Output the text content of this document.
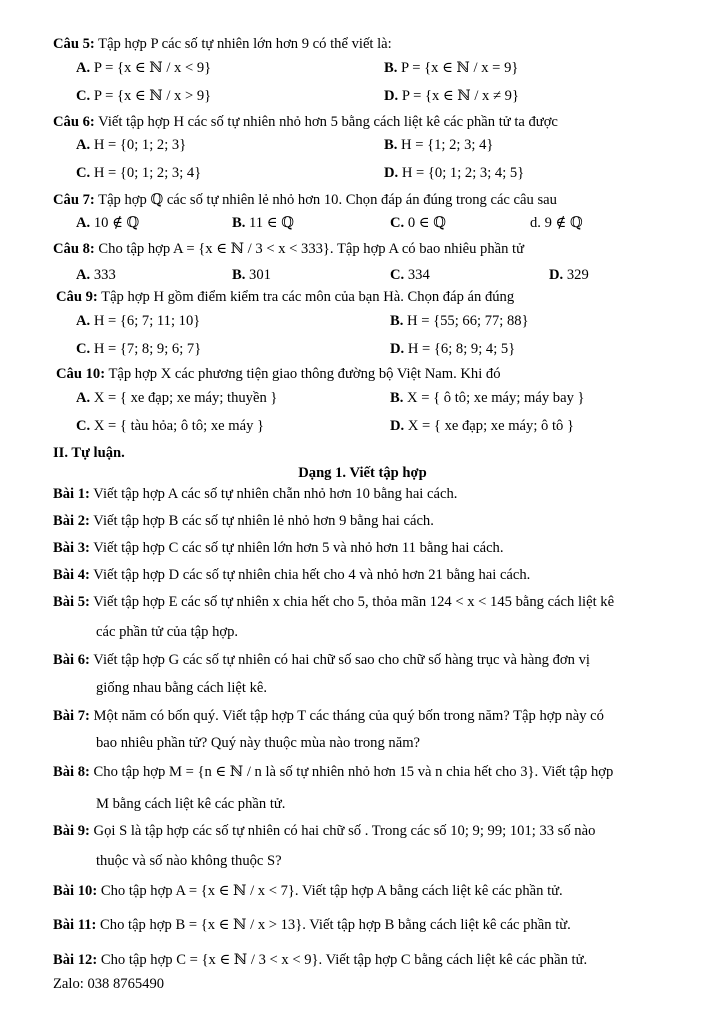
Câu 5: Tập hợp P các số tự nhiên lớn hơn 9 có thể viết là:
A. P = {x ∈ ℕ / x < 9}	B. P = {x ∈ ℕ / x = 9}
C. P = {x ∈ ℕ / x > 9}	D. P = {x ∈ ℕ / x ≠ 9}
Câu 6: Viết tập hợp H các số tự nhiên nhỏ hơn 5 bằng cách liệt kê các phần tử ta được
A. H = {0; 1; 2; 3}	B. H = {1; 2; 3; 4}
C. H = {0; 1; 2; 3; 4}	D. H = {0; 1; 2; 3; 4; 5}
Câu 7: Tập hợp ℚ các số tự nhiên lẻ nhỏ hơn 10. Chọn đáp án đúng trong các câu sau
A. 10 ∉ ℚ	B. 11 ∈ ℚ	C. 0 ∈ ℚ	d. 9 ∉ ℚ
Câu 8: Cho tập hợp A = {x ∈ ℕ / 3 < x < 333}. Tập hợp A có bao nhiêu phần tử
A. 333	B. 301	C. 334	D. 329
Câu 9: Tập hợp H gồm điểm kiểm tra các môn của bạn Hà. Chọn đáp án đúng
A. H = {6; 7; 11; 10}	B. H = {55; 66; 77; 88}
C. H = {7; 8; 9; 6; 7}	D. H = {6; 8; 9; 4; 5}
Câu 10: Tập hợp X các phương tiện giao thông đường bộ Việt Nam. Khi đó
A. X = { xe đạp; xe máy; thuyền }	B. X = { ô tô; xe máy; máy bay }
C. X = { tàu hỏa; ô tô; xe máy }	D. X = { xe đạp; xe máy; ô tô }
II. Tự luận.
Dạng 1. Viết tập hợp
Bài 1: Viết tập hợp A các số tự nhiên chẵn nhỏ hơn 10 bằng hai cách.
Bài 2: Viết tập hợp B các số tự nhiên lẻ nhỏ hơn 9 bằng hai cách.
Bài 3: Viết tập hợp C các số tự nhiên lớn hơn 5 và nhỏ hơn 11 bằng hai cách.
Bài 4: Viết tập hợp D các số tự nhiên chia hết cho 4 và nhỏ hơn 21 bằng hai cách.
Bài 5: Viết tập hợp E các số tự nhiên x chia hết cho 5, thỏa mãn 124 < x < 145 bằng cách liệt kê
các phần tử của tập hợp.
Bài 6: Viết tập hợp G các số tự nhiên có hai chữ số sao cho chữ số hàng trục và hàng đơn vị
giống nhau bằng cách liệt kê.
Bài 7: Một năm có bốn quý. Viết tập hợp T các tháng của quý bốn trong năm? Tập hợp này có
bao nhiêu phần tử? Quý này thuộc mùa nào trong năm?
Bài 8: Cho tập hợp M = {n ∈ ℕ / n là số tự nhiên nhỏ hơn 15 và n chia hết cho 3}. Viết tập hợp
M bằng cách liệt kê các phần tử.
Bài 9: Gọi S là tập hợp các số tự nhiên có hai chữ số . Trong các số 10; 9; 99; 101; 33 số nào
thuộc và số nào không thuộc S?
Bài 10: Cho tập hợp A = {x ∈ ℕ / x < 7}. Viết tập hợp A bằng cách liệt kê các phần tử.
Bài 11: Cho tập hợp B = {x ∈ ℕ / x > 13}. Viết tập hợp B bằng cách liệt kê các phần từ.
Bài 12: Cho tập hợp C = {x ∈ ℕ / 3 < x < 9}. Viết tập hợp C bằng cách liệt kê các phần tử.
Zalo: 038 8765490
